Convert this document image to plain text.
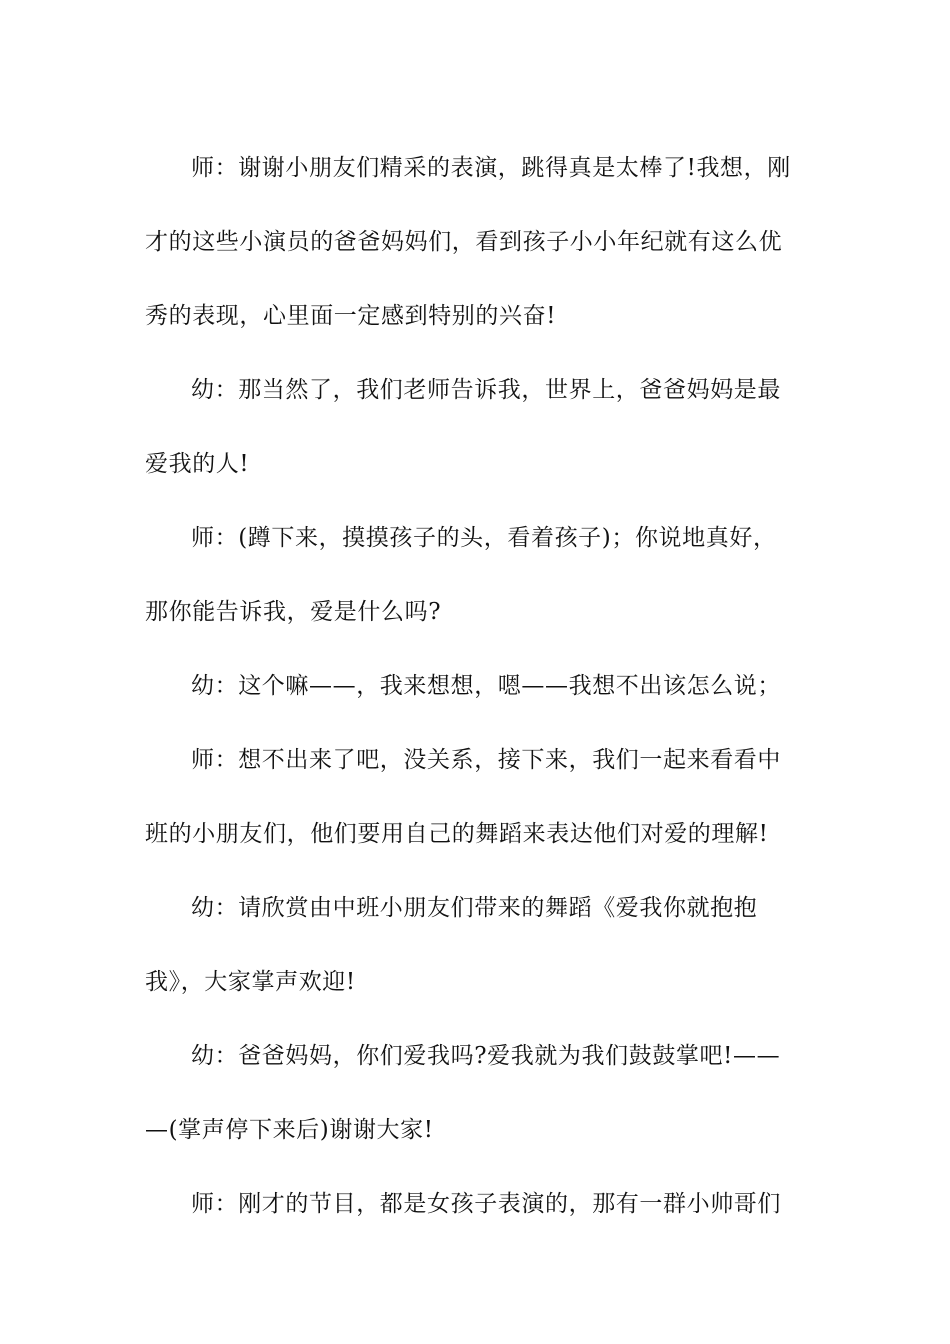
师：谢谢小朋友们精采的表演，跳得真是太棒了!我想，刚
才的这些小演员的爸爸妈妈们，看到孩子小小年纪就有这么优
秀的表现，心里面一定感到特别的兴奋!

幼：那当然了，我们老师告诉我，世界上，爸爸妈妈是最
爱我的人!

师：(蹲下来，摸摸孩子的头，看着孩子)；你说地真好，
那你能告诉我，爱是什么吗?

幼：这个嘛——，我来想想，嗯——我想不出该怎么说；

师：想不出来了吧，没关系，接下来，我们一起来看看中
班的小朋友们，他们要用自己的舞蹈来表达他们对爱的理解!

幼：请欣赏由中班小朋友们带来的舞蹈《爱我你就抱抱
我》，大家掌声欢迎!

幼：爸爸妈妈，你们爱我吗?爱我就为我们鼓鼓掌吧!——
—(掌声停下来后)谢谢大家!

师：刚才的节目，都是女孩子表演的，那有一群小帅哥们
